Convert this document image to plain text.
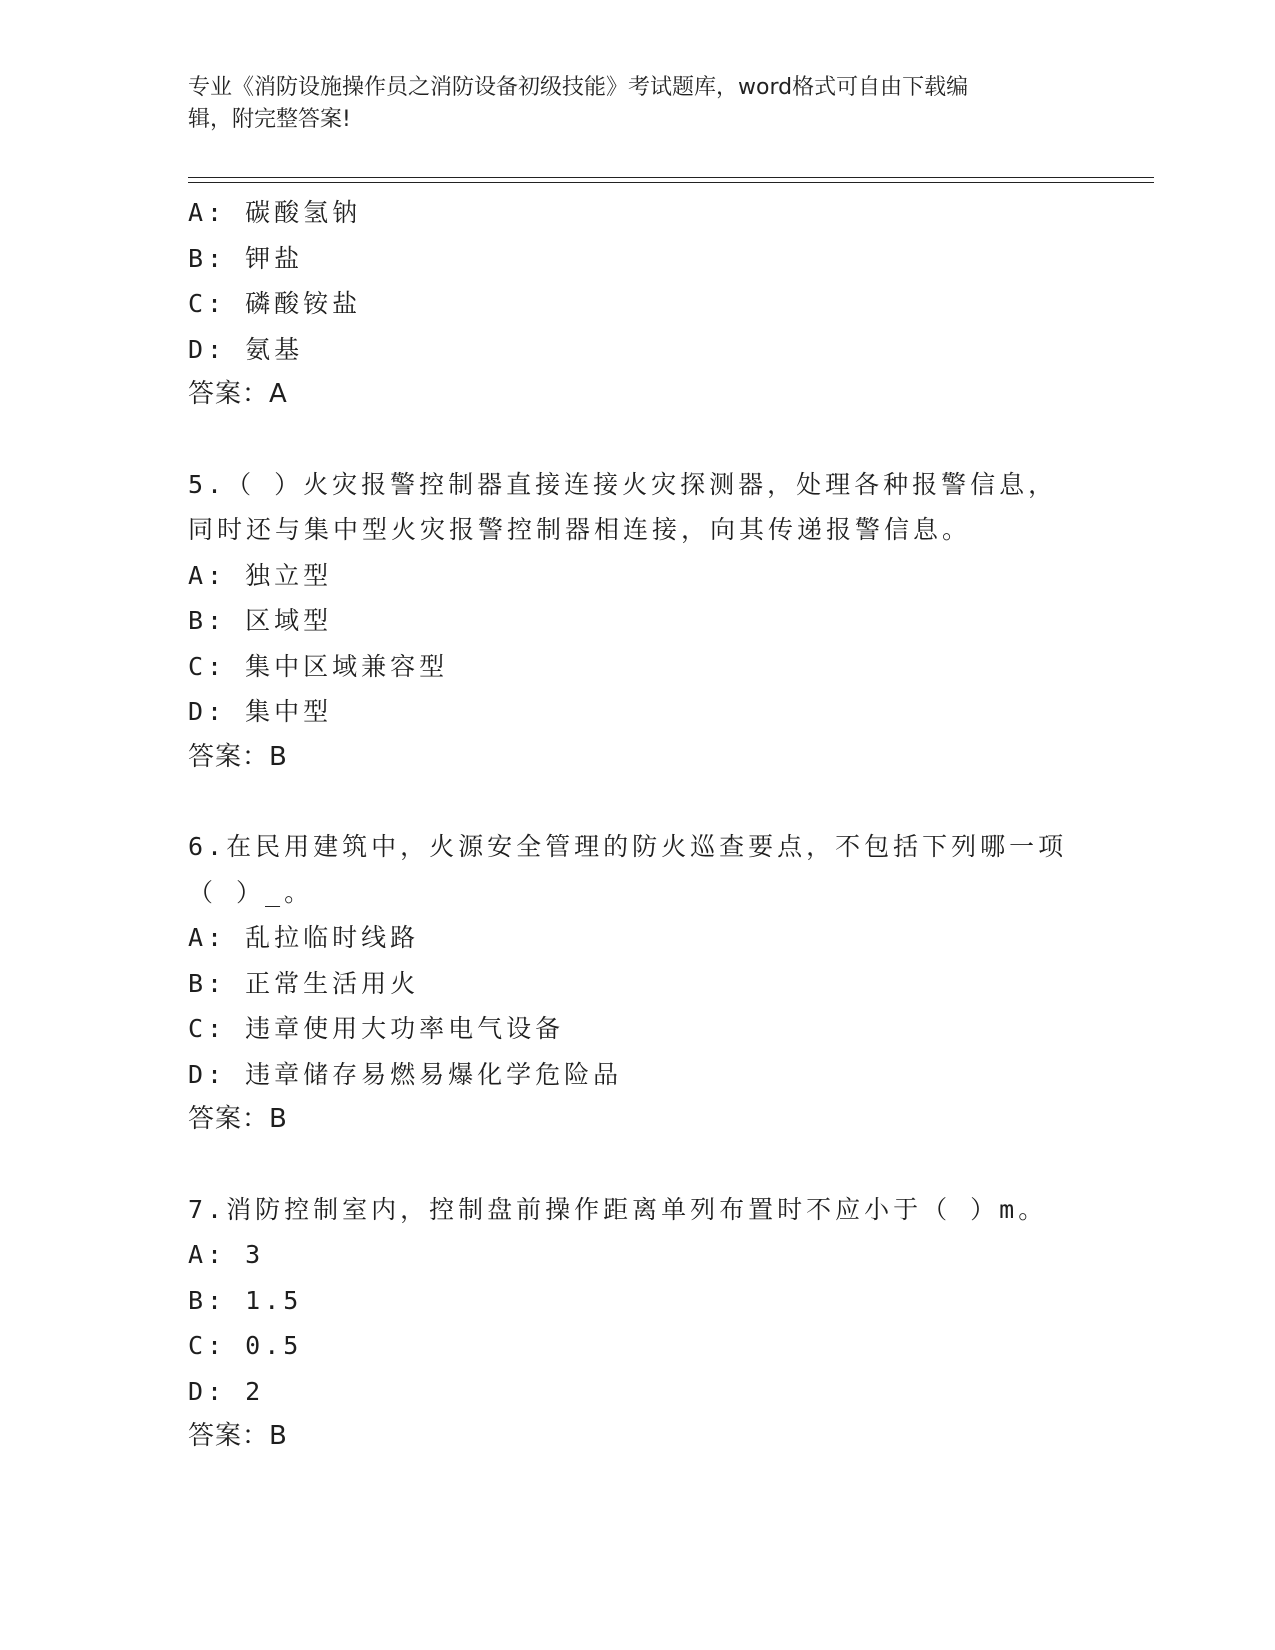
专业《消防设施操作员之消防设备初级技能》考试题库，word格式可自由下载编
辑，附完整答案!
A: 碳酸氢钠
B: 钾盐
C: 磷酸铵盐
D: 氨基
答案：A
5.（ ）火灾报警控制器直接连接火灾探测器，处理各种报警信息，
同时还与集中型火灾报警控制器相连接，向其传递报警信息。
A: 独立型
B: 区域型
C: 集中区域兼容型
D: 集中型
答案：B
6.在民用建筑中，火源安全管理的防火巡查要点，不包括下列哪一项
（ ）_。
A: 乱拉临时线路
B: 正常生活用火
C: 违章使用大功率电气设备
D: 违章储存易燃易爆化学危险品
答案：B
7.消防控制室内，控制盘前操作距离单列布置时不应小于（ ）m。
A: 3
B: 1.5
C: 0.5
D: 2
答案：B
